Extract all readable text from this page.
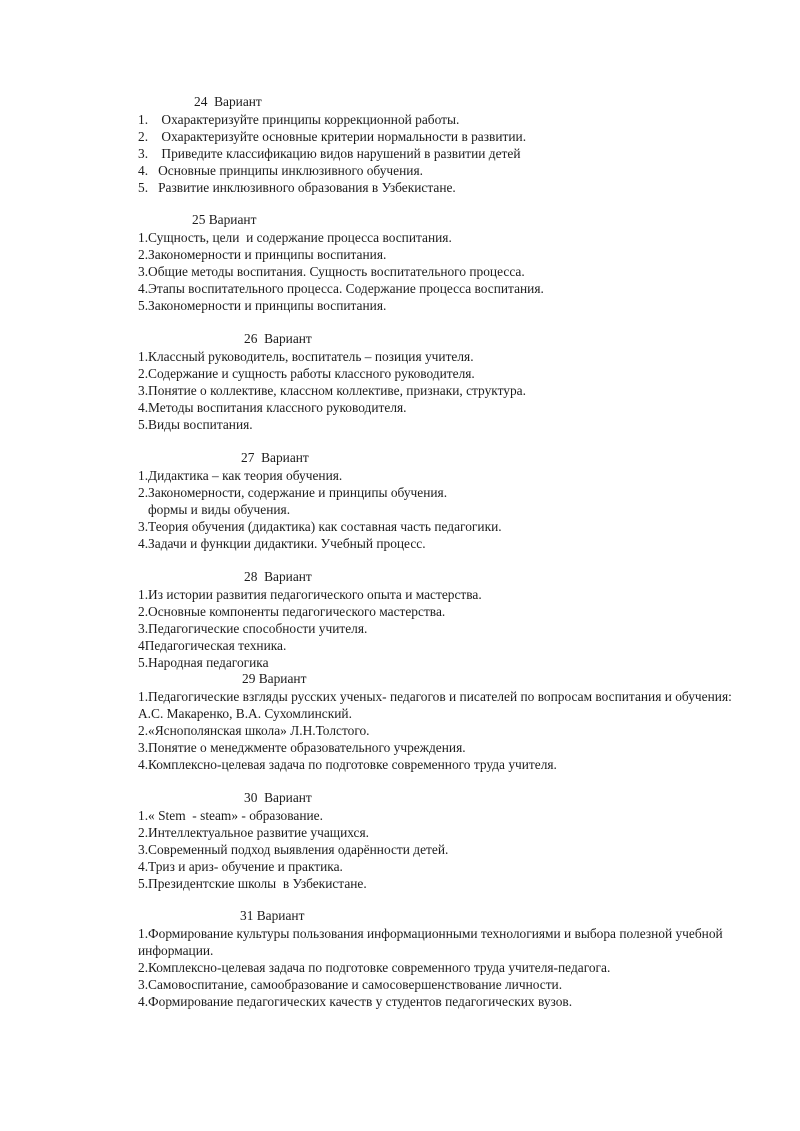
24  Вариант
1.    Охарактеризуйте принципы коррекционной работы.
2.    Охарактеризуйте основные критерии нормальности в развитии.
3.    Приведите классификацию видов нарушений в развитии детей
4.   Основные принципы инклюзивного обучения.
5.   Развитие инклюзивного образования в Узбекистане.
25 Вариант
1.Сущность, цели  и содержание процесса воспитания.
2.Закономерности и принципы воспитания.
3.Общие методы воспитания. Сущность воспитательного процесса.
4.Этапы воспитательного процесса. Содержание процесса воспитания.
5.Закономерности и принципы воспитания.
26  Вариант
1.Классный руководитель, воспитатель – позиция учителя.
2.Содержание и сущность работы классного руководителя.
3.Понятие о коллективе, классном коллективе, признаки, структура.
4.Методы воспитания классного руководителя.
5.Виды воспитания.
27  Вариант
1.Дидактика – как теория обучения.
2.Закономерности, содержание и принципы обучения.
формы и виды обучения.
3.Теория обучения (дидактика) как составная часть педагогики.
4.Задачи и функции дидактики. Учебный процесс.
28  Вариант
1.Из истории развития педагогического опыта и мастерства.
2.Основные компоненты педагогического мастерства.
3.Педагогические способности учителя.
4Педагогическая техника.
5.Народная педагогика
29 Вариант
1.Педагогические взгляды русских ученых- педагогов и писателей по вопросам воспитания и обучения: А.С. Макаренко, В.А. Сухомлинский.
2.«Яснополянская школа» Л.Н.Толстого.
3.Понятие о менеджменте образовательного учреждения.
4.Комплексно-целевая задача по подготовке современного труда учителя.
30  Вариант
1.« Stem  - steam» - образование.
2.Интеллектуальное развитие учащихся.
3.Современный подход выявления одарённости детей.
4.Триз и ариз- обучение и практика.
5.Президентские школы  в Узбекистане.
31 Вариант
1.Формирование культуры пользования информационными технологиями и выбора полезной учебной информации.
2.Комплексно-целевая задача по подготовке современного труда учителя-педагога.
3.Самовоспитание, самообразование и самосовершенствование личности.
4.Формирование педагогических качеств у студентов педагогических вузов.
